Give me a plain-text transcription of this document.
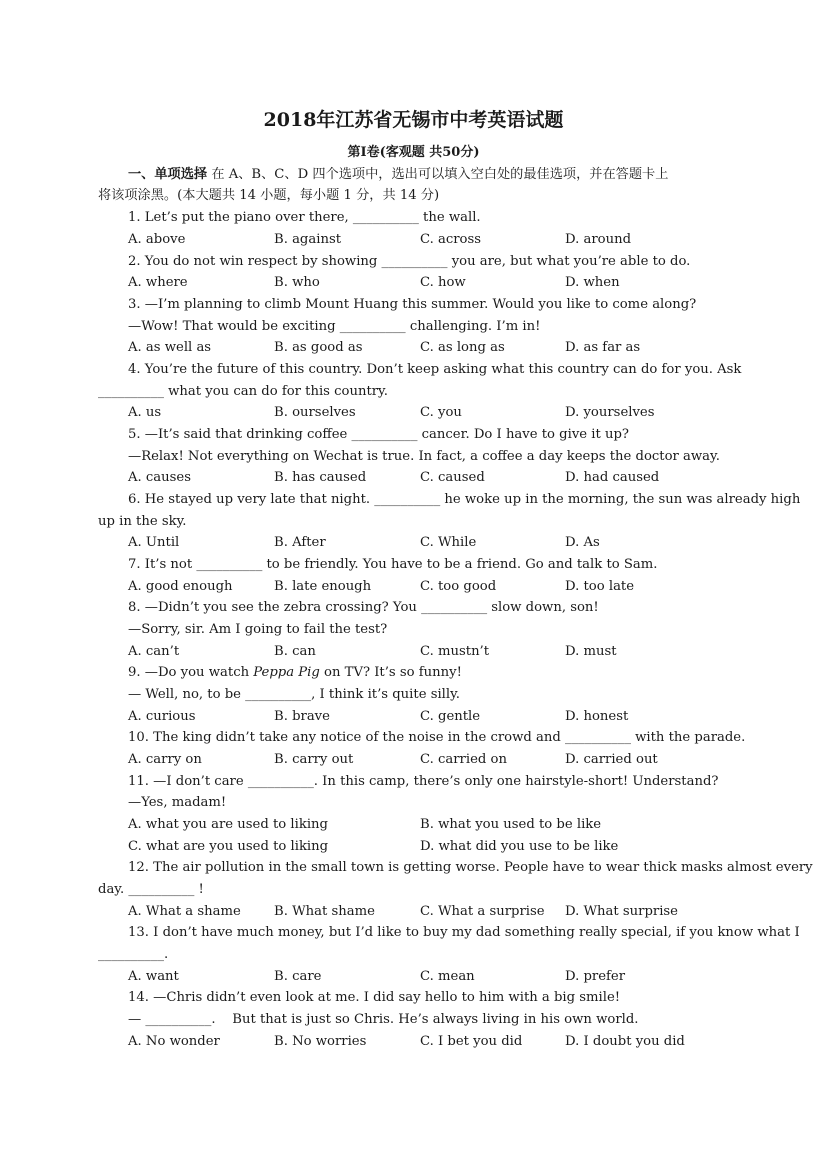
2018年江苏省无锡市中考英语试题
第Ⅰ卷(客观题 共50分)

一、单项选择 在 A、B、C、D 四个选项中，选出可以填入空白处的最佳选项，并在答题卡上

将该项涂黑。(本大题共 14 小题，每小题 1 分，共 14 分)

1. Let’s put the piano over there, __________ the wall.

A. above

	B. against

	C. across

	D. around

2. You do not win respect by showing __________ you are, but what you’re able to do.

A. where

	B. who

	C. how

	D. when

3. —I’m planning to climb Mount Huang this summer. Would you like to come along?

—Wow! That would be exciting __________ challenging. I’m in!

A. as well as

	B. as good as

	C. as long as

	D. as far as

4. You’re the future of this country. Don’t keep asking what this country can do for you. Ask

__________ what you can do for this country.

A. us

	B. ourselves

	C. you

	D. yourselves

5. —It’s said that drinking coffee __________ cancer. Do I have to give it up?

—Relax! Not everything on Wechat is true. In fact, a coffee a day keeps the doctor away.

A. causes

	B. has caused

	C. caused

	D. had caused

6. He stayed up very late that night. __________ he woke up in the morning, the sun was already high

up in the sky.

A. Until

	B. After

	C. While

	D. As

7. It’s not __________ to be friendly. You have to be a friend. Go and talk to Sam.

A. good enough

	B. late enough

	C. too good

	D. too late

8. —Didn’t you see the zebra crossing? You __________ slow down, son!

—Sorry, sir. Am I going to fail the test?

A. can’t

	B. can

	C. mustn’t

	D. must

9. —Do you watch Peppa Pig on TV? It’s so funny!

— Well, no, to be __________, I think it’s quite silly.

A. curious

	B. brave

	C. gentle

	D. honest

10. The king didn’t take any notice of the noise in the crowd and __________ with the parade.

A. carry on

	B. carry out

	C. carried on

	D. carried out

11. —I don’t care __________. In this camp, there’s only one hairstyle-short! Understand?

—Yes, madam!

A. what you are used to liking

	B. what you used to be like

C. what are you used to liking

	D. what did you use to be like

12. The air pollution in the small town is getting worse. People have to wear thick masks almost every

day. __________ !

A. What a shame

	B. What shame

	C. What a surprise

D. What surprise

13. I don’t have much money, but I’d like to buy my dad something really special, if you know what I

__________.

A. want

	B. care

	C. mean

	D. prefer

14. —Chris didn’t even look at me. I did say hello to him with a big smile!

— __________.    But that is just so Chris. He’s always living in his own world.

A. No wonder

	B. No worries

	C. I bet you did

	D. I doubt you did
